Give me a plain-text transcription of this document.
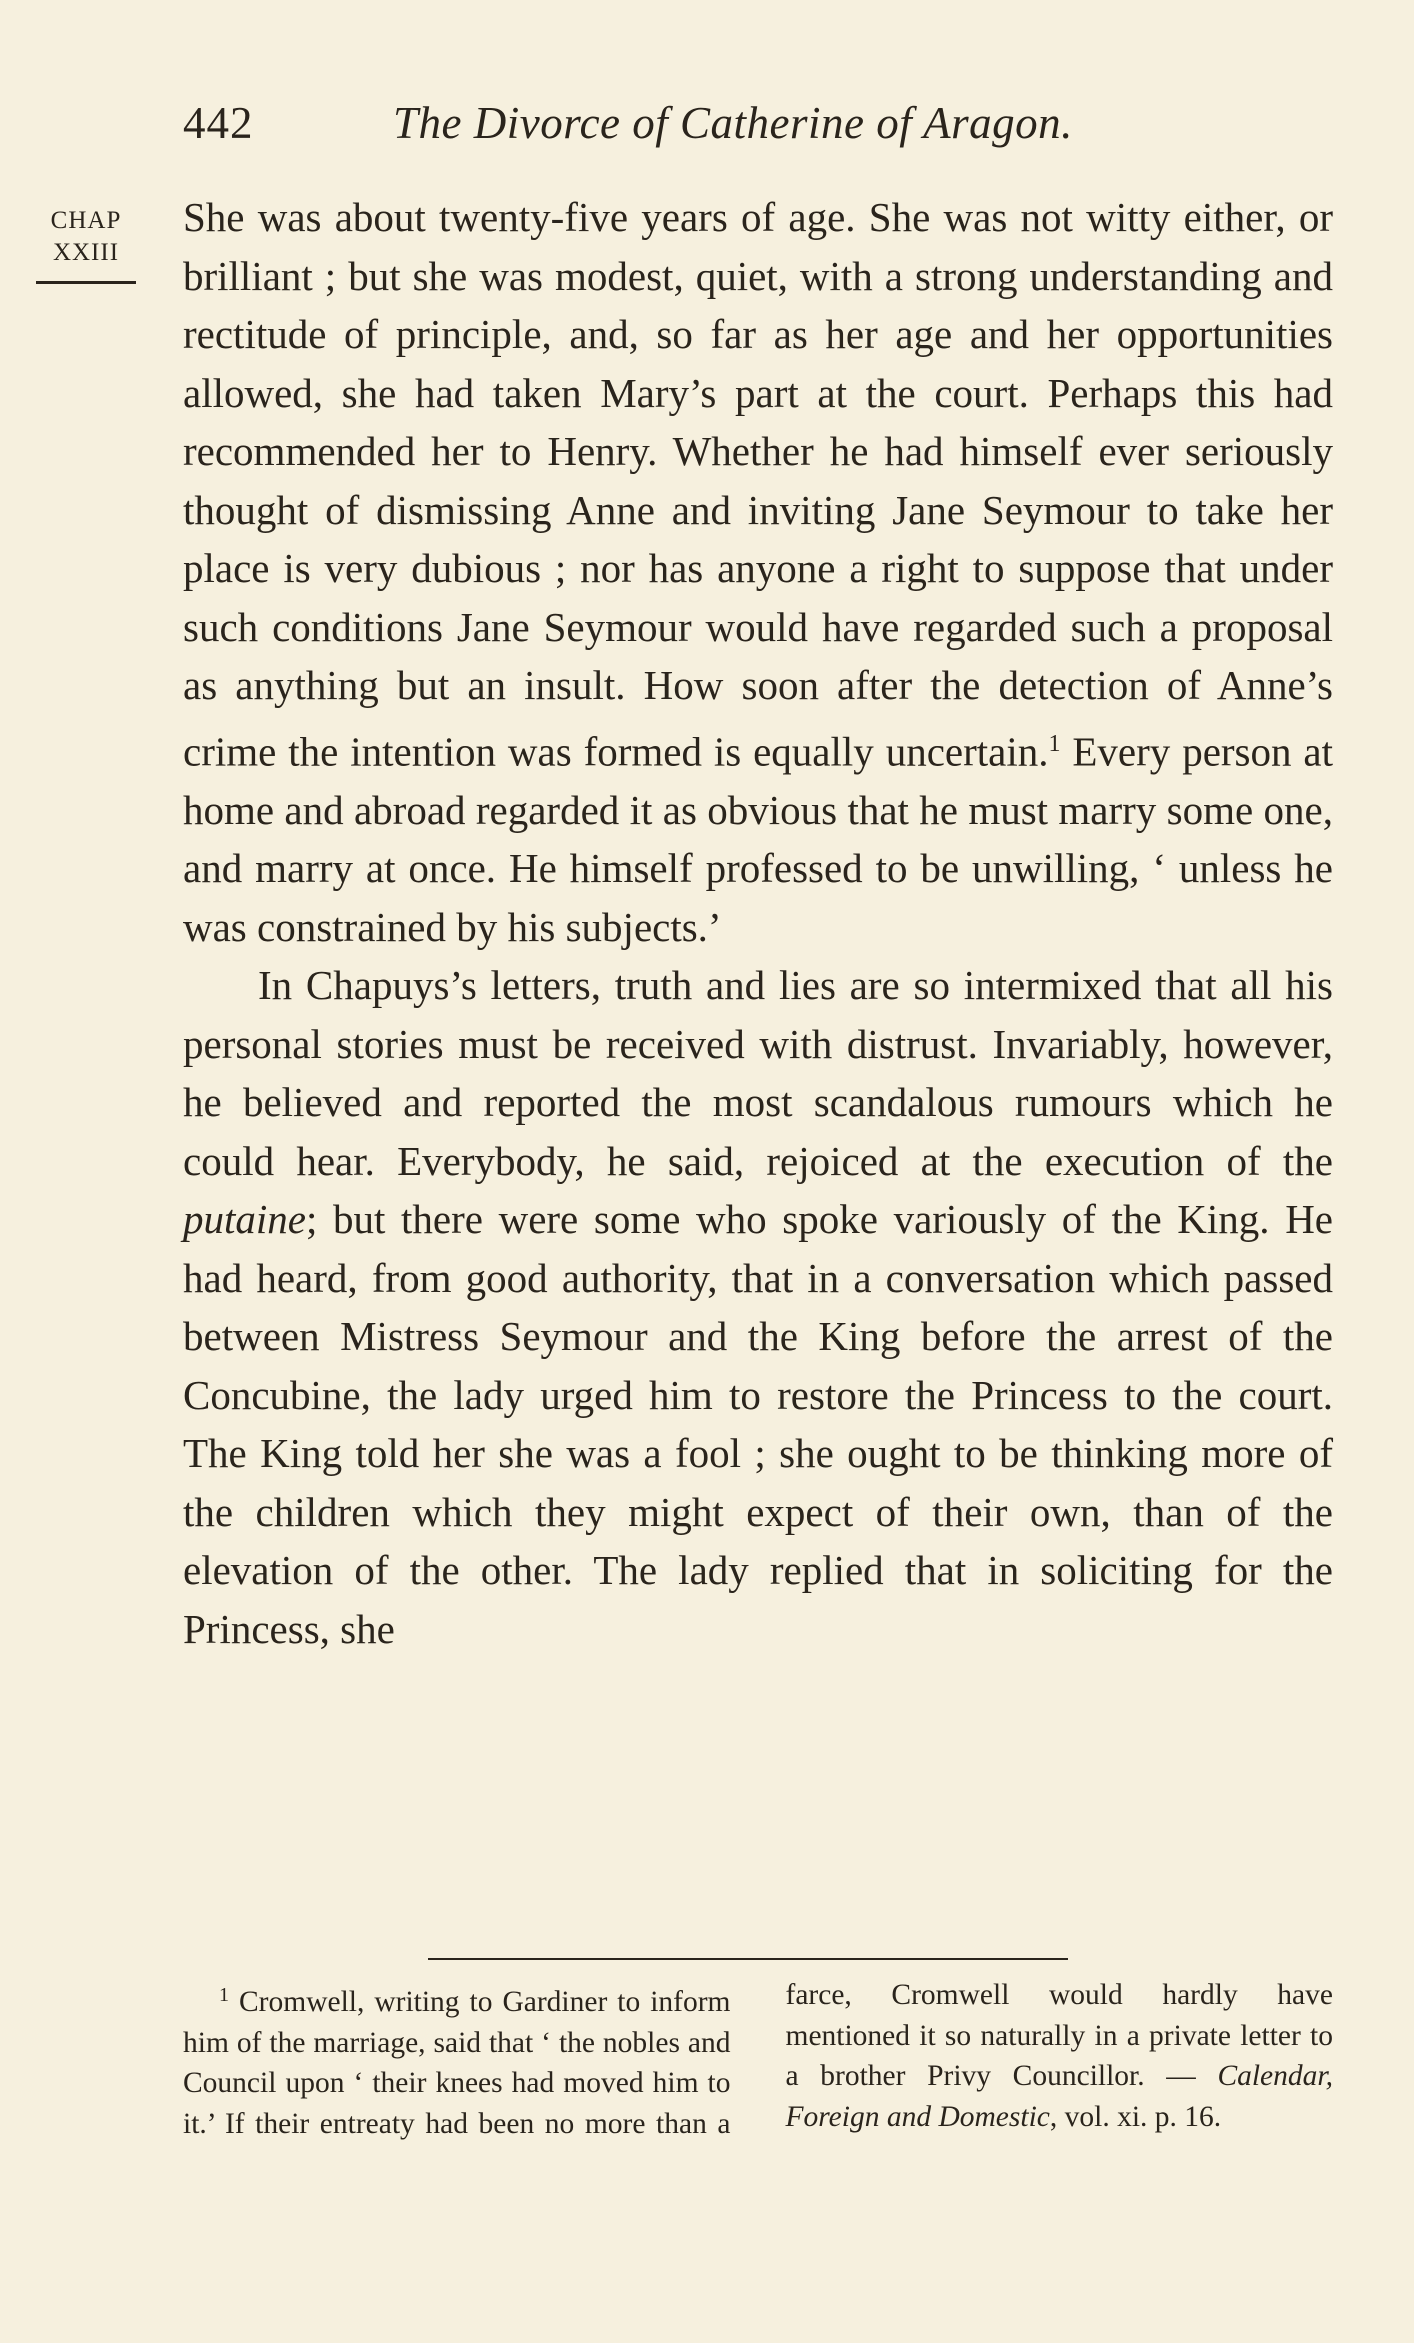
442	The Divorce of Catherine of Aragon.
CHAP
XXIII

She was about twenty-five years of age. She was not witty either, or brilliant ; but she was modest, quiet, with a strong understanding and rectitude of principle, and, so far as her age and her opportunities allowed, she had taken Mary’s part at the court. Perhaps this had recommended her to Henry. Whether he had himself ever seriously thought of dismissing Anne and inviting Jane Seymour to take her place is very dubious ; nor has anyone a right to suppose that under such conditions Jane Seymour would have regarded such a proposal as anything but an insult. How soon after the detection of Anne’s crime the intention was formed is equally uncertain.$^1$ Every person at home and abroad regarded it as obvious that he must marry some one, and marry at once. He himself professed to be unwilling, ‘ unless he was constrained by his subjects.’

In Chapuys’s letters, truth and lies are so intermixed that all his personal stories must be received with distrust. Invariably, however, he believed and reported the most scandalous rumours which he could hear. Everybody, he said, rejoiced at the execution of the putaine; but there were some who spoke variously of the King. He had heard, from good authority, that in a conversation which passed between Mistress Seymour and the King before the arrest of the Concubine, the lady urged him to restore the Princess to the court. The King told her she was a fool ; she ought to be thinking more of the children which they might expect of their own, than of the elevation of the other. The lady replied that in soliciting for the Princess, she

$^1$ Cromwell, writing to Gardiner to inform him of the marriage, said that ‘ the nobles and Council upon ‘ their knees had moved him to it.’ If their entreaty had been no more than a farce, Cromwell would hardly have mentioned it so naturally in a private letter to a brother Privy Councillor. — Calendar, Foreign and Domestic, vol. xi. p. 16.
